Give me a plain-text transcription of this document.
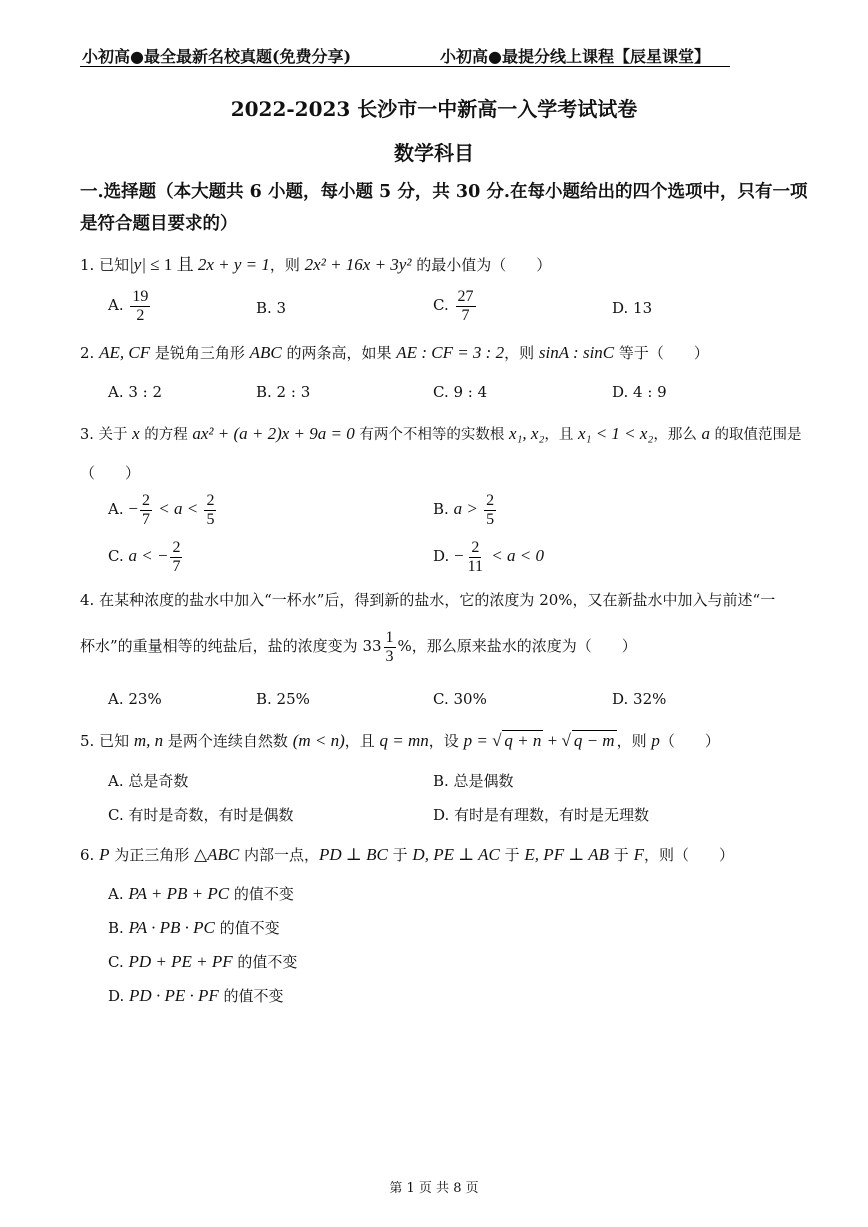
小初高●最全最新名校真题(免费分享)	小初高●最提分线上课程【辰星课堂】
2022-2023 长沙市一中新高一入学考试试卷
数学科目
一.选择题（本大题共 6 小题，每小题 5 分，共 30 分.在每小题给出的四个选项中，只有一项
是符合题目要求的）
1. 已知|y| ≤ 1 且 2x + y = 1，则 2x² + 16x + 3y² 的最小值为（　　）
A. $\frac{19}{2}$	B. 3	C. $\frac{27}{7}$	D. 13
2. AE, CF 是锐角三角形 ABC 的两条高，如果 AE : CF = 3 : 2，则 sinA : sinC 等于（　　）
A. 3 : 2	B. 2 : 3	C. 9 : 4	D. 4 : 9
3. 关于 x 的方程 ax² + (a + 2)x + 9a = 0 有两个不相等的实数根 x₁, x₂，且 x₁ < 1 < x₂，那么 a 的取值范围是
（　　）
A. − $\frac{2}{7} < a < \frac{2}{5}$	B. $a > \frac{2}{5}$
C. a < − $\frac{2}{7}$	D. − $\frac{2}{11} < a < 0$
4. 在某种浓度的盐水中加入“一杯水”后，得到新的盐水，它的浓度为 20%，又在新盐水中加入与前述“一
杯水”的重量相等的纯盐后，盐的浓度变为 $33 \frac{1}{3}$ %，那么原来盐水的浓度为（　　）
A. 23%	B. 25%	C. 30%	D. 32%
5. 已知 m, n 是两个连续自然数 (m < n)，且 q = mn，设 p = √ q + n + √ q − m ，则 p（　　）
A. 总是奇数	B. 总是偶数
C. 有时是奇数，有时是偶数	D. 有时是有理数，有时是无理数
6. P 为正三角形 △ABC 内部一点，PD ⊥ BC 于 D, PE ⊥ AC 于 E, PF ⊥ AB 于 F，则（　　）
A. PA + PB + PC 的值不变
B. PA · PB · PC 的值不变
C. PD + PE + PF 的值不变
D. PD · PE · PF 的值不变
第 1 页 共 8 页
